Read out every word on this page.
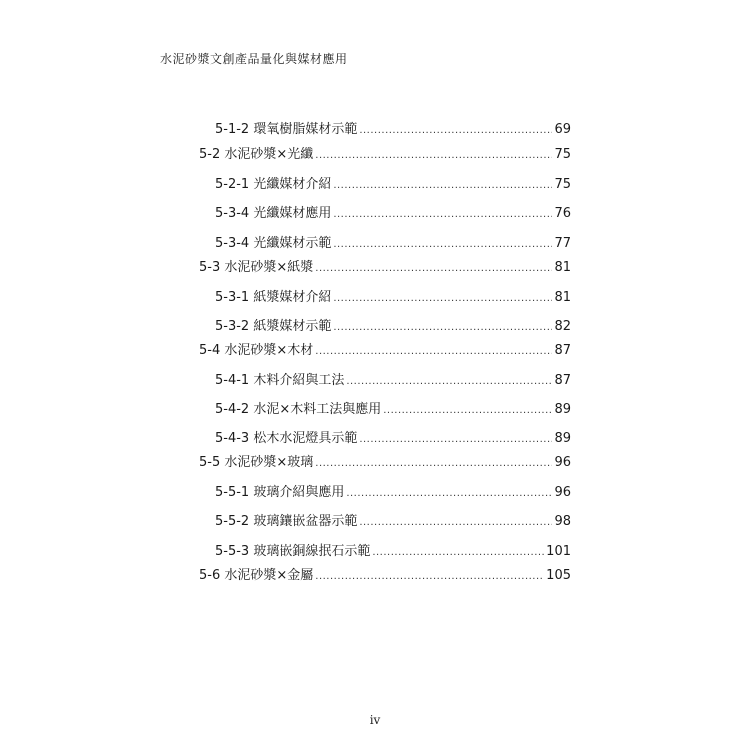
水泥砂漿文創產品量化與媒材應用
5-1-2 環氧樹脂媒材示範 .....	69
5-2 水泥砂漿×光纖 .....	75
5-2-1 光纖媒材介紹 .....	75
5-3-4 光纖媒材應用 .....	76
5-3-4 光纖媒材示範 .....	77
5-3 水泥砂漿×紙漿 .....	81
5-3-1 紙漿媒材介紹 .....	81
5-3-2 紙漿媒材示範 .....	82
5-4 水泥砂漿×木材 .....	87
5-4-1 木料介紹與工法 .....	87
5-4-2 水泥×木料工法與應用 .....	89
5-4-3 松木水泥燈具示範 .....	89
5-5 水泥砂漿×玻璃 .....	96
5-5-1 玻璃介紹與應用 .....	96
5-5-2 玻璃鑲嵌盆器示範 .....	98
5-5-3 玻璃嵌銅線抿石示範 .....	101
5-6 水泥砂漿×金屬 .....	105
iv
